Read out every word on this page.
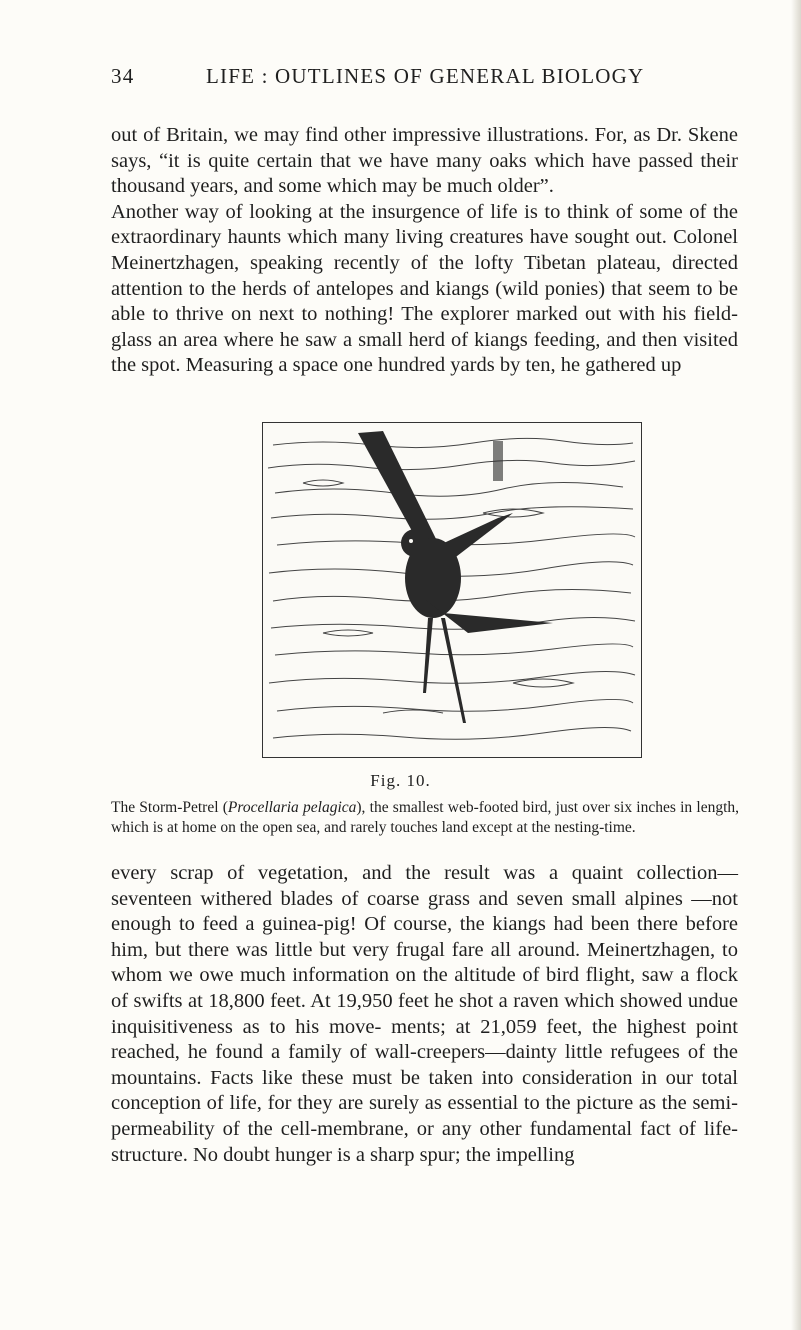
34	LIFE : OUTLINES OF GENERAL BIOLOGY

out of Britain, we may find other impressive illustrations. For, as Dr. Skene says, “it is quite certain that we have many oaks which have passed their thousand years, and some which may be much older”.

Another way of looking at the insurgence of life is to think of some of the extraordinary haunts which many living creatures have sought out. Colonel Meinertzhagen, speaking recently of the lofty Tibetan plateau, directed attention to the herds of antelopes and kiangs (wild ponies) that seem to be able to thrive on next to nothing! The explorer marked out with his field-glass an area where he saw a small herd of kiangs feeding, and then visited the spot. Measuring a space one hundred yards by ten, he gathered up

Fig. 10.

The Storm-Petrel (Procellaria pelagica), the smallest web-footed bird, just over six inches in length, which is at home on the open sea, and rarely touches land except at the nesting-time.

every scrap of vegetation, and the result was a quaint collection— seventeen withered blades of coarse grass and seven small alpines —not enough to feed a guinea-pig! Of course, the kiangs had been there before him, but there was little but very frugal fare all around. Meinertzhagen, to whom we owe much information on the altitude of bird flight, saw a flock of swifts at 18,800 feet. At 19,950 feet he shot a raven which showed undue inquisitiveness as to his move- ments; at 21,059 feet, the highest point reached, he found a family of wall-creepers—dainty little refugees of the mountains. Facts like these must be taken into consideration in our total conception of life, for they are surely as essential to the picture as the semi- permeability of the cell-membrane, or any other fundamental fact of life-structure. No doubt hunger is a sharp spur; the impelling
